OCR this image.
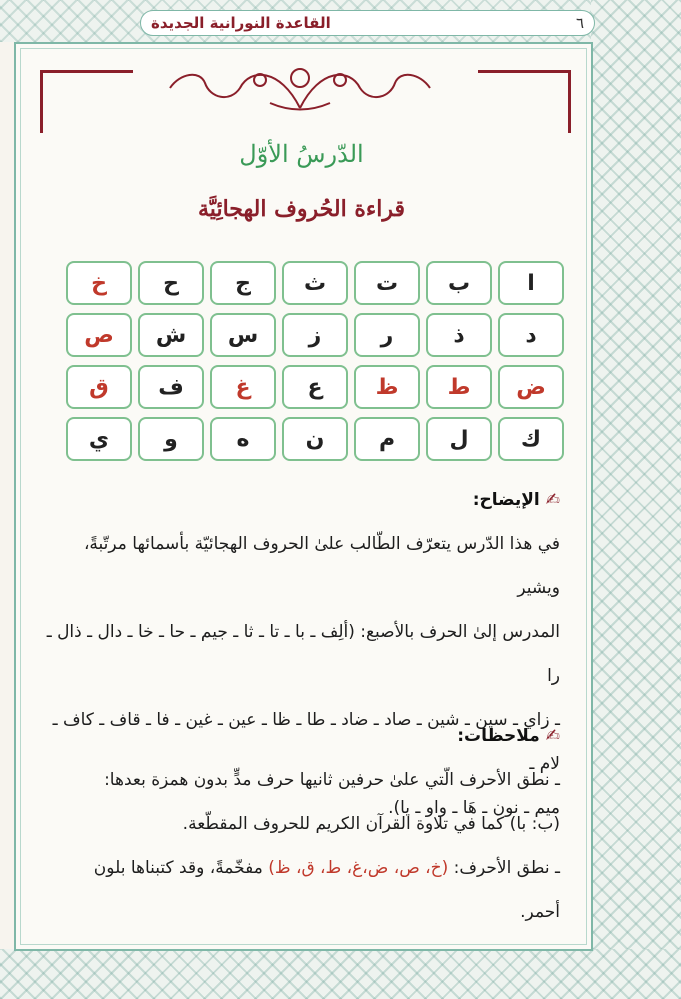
٦
القاعدة النورانية الجديدة
الدّرسُ الأوّل
قراءة الحُروف الهجائِيَّة
ا
ب
ت
ث
ج
ح
خ
د
ذ
ر
ز
س
ش
ص
ض
ط
ظ
ع
غ
ف
ق
ك
ل
م
ن
ه
و
ي
✍الإيضاح:
في هذا الدّرس يتعرّف الطّالب علىٰ الحروف الهجائيّة بأسمائها مرتّبةً، ويشير
المدرس إلىٰ الحرف بالأصبع: (ألِف ـ با ـ تا ـ ثا ـ جيم ـ حا ـ خا ـ دال ـ ذال ـ را
ـ زاي ـ سين ـ شين ـ صاد ـ ضاد ـ طا ـ ظا ـ عين ـ غين ـ فا ـ قاف ـ كاف ـ لام ـ
ميم ـ نون ـ هَا ـ واو ـ يا).
✍ملاحظات:
ـ نطق الأحرف الّتي علىٰ حرفين ثانيها حرف مدٍّ بدون همزة بعدها:
(ب: با) كما في تلاوة القرآن الكريم للحروف المقطّعة.
ـ نطق الأحرف: (خ، ص، ض،غ، ط، ق، ظ) مفخّمةً، وقد كتبناها بلون
أحمر.
